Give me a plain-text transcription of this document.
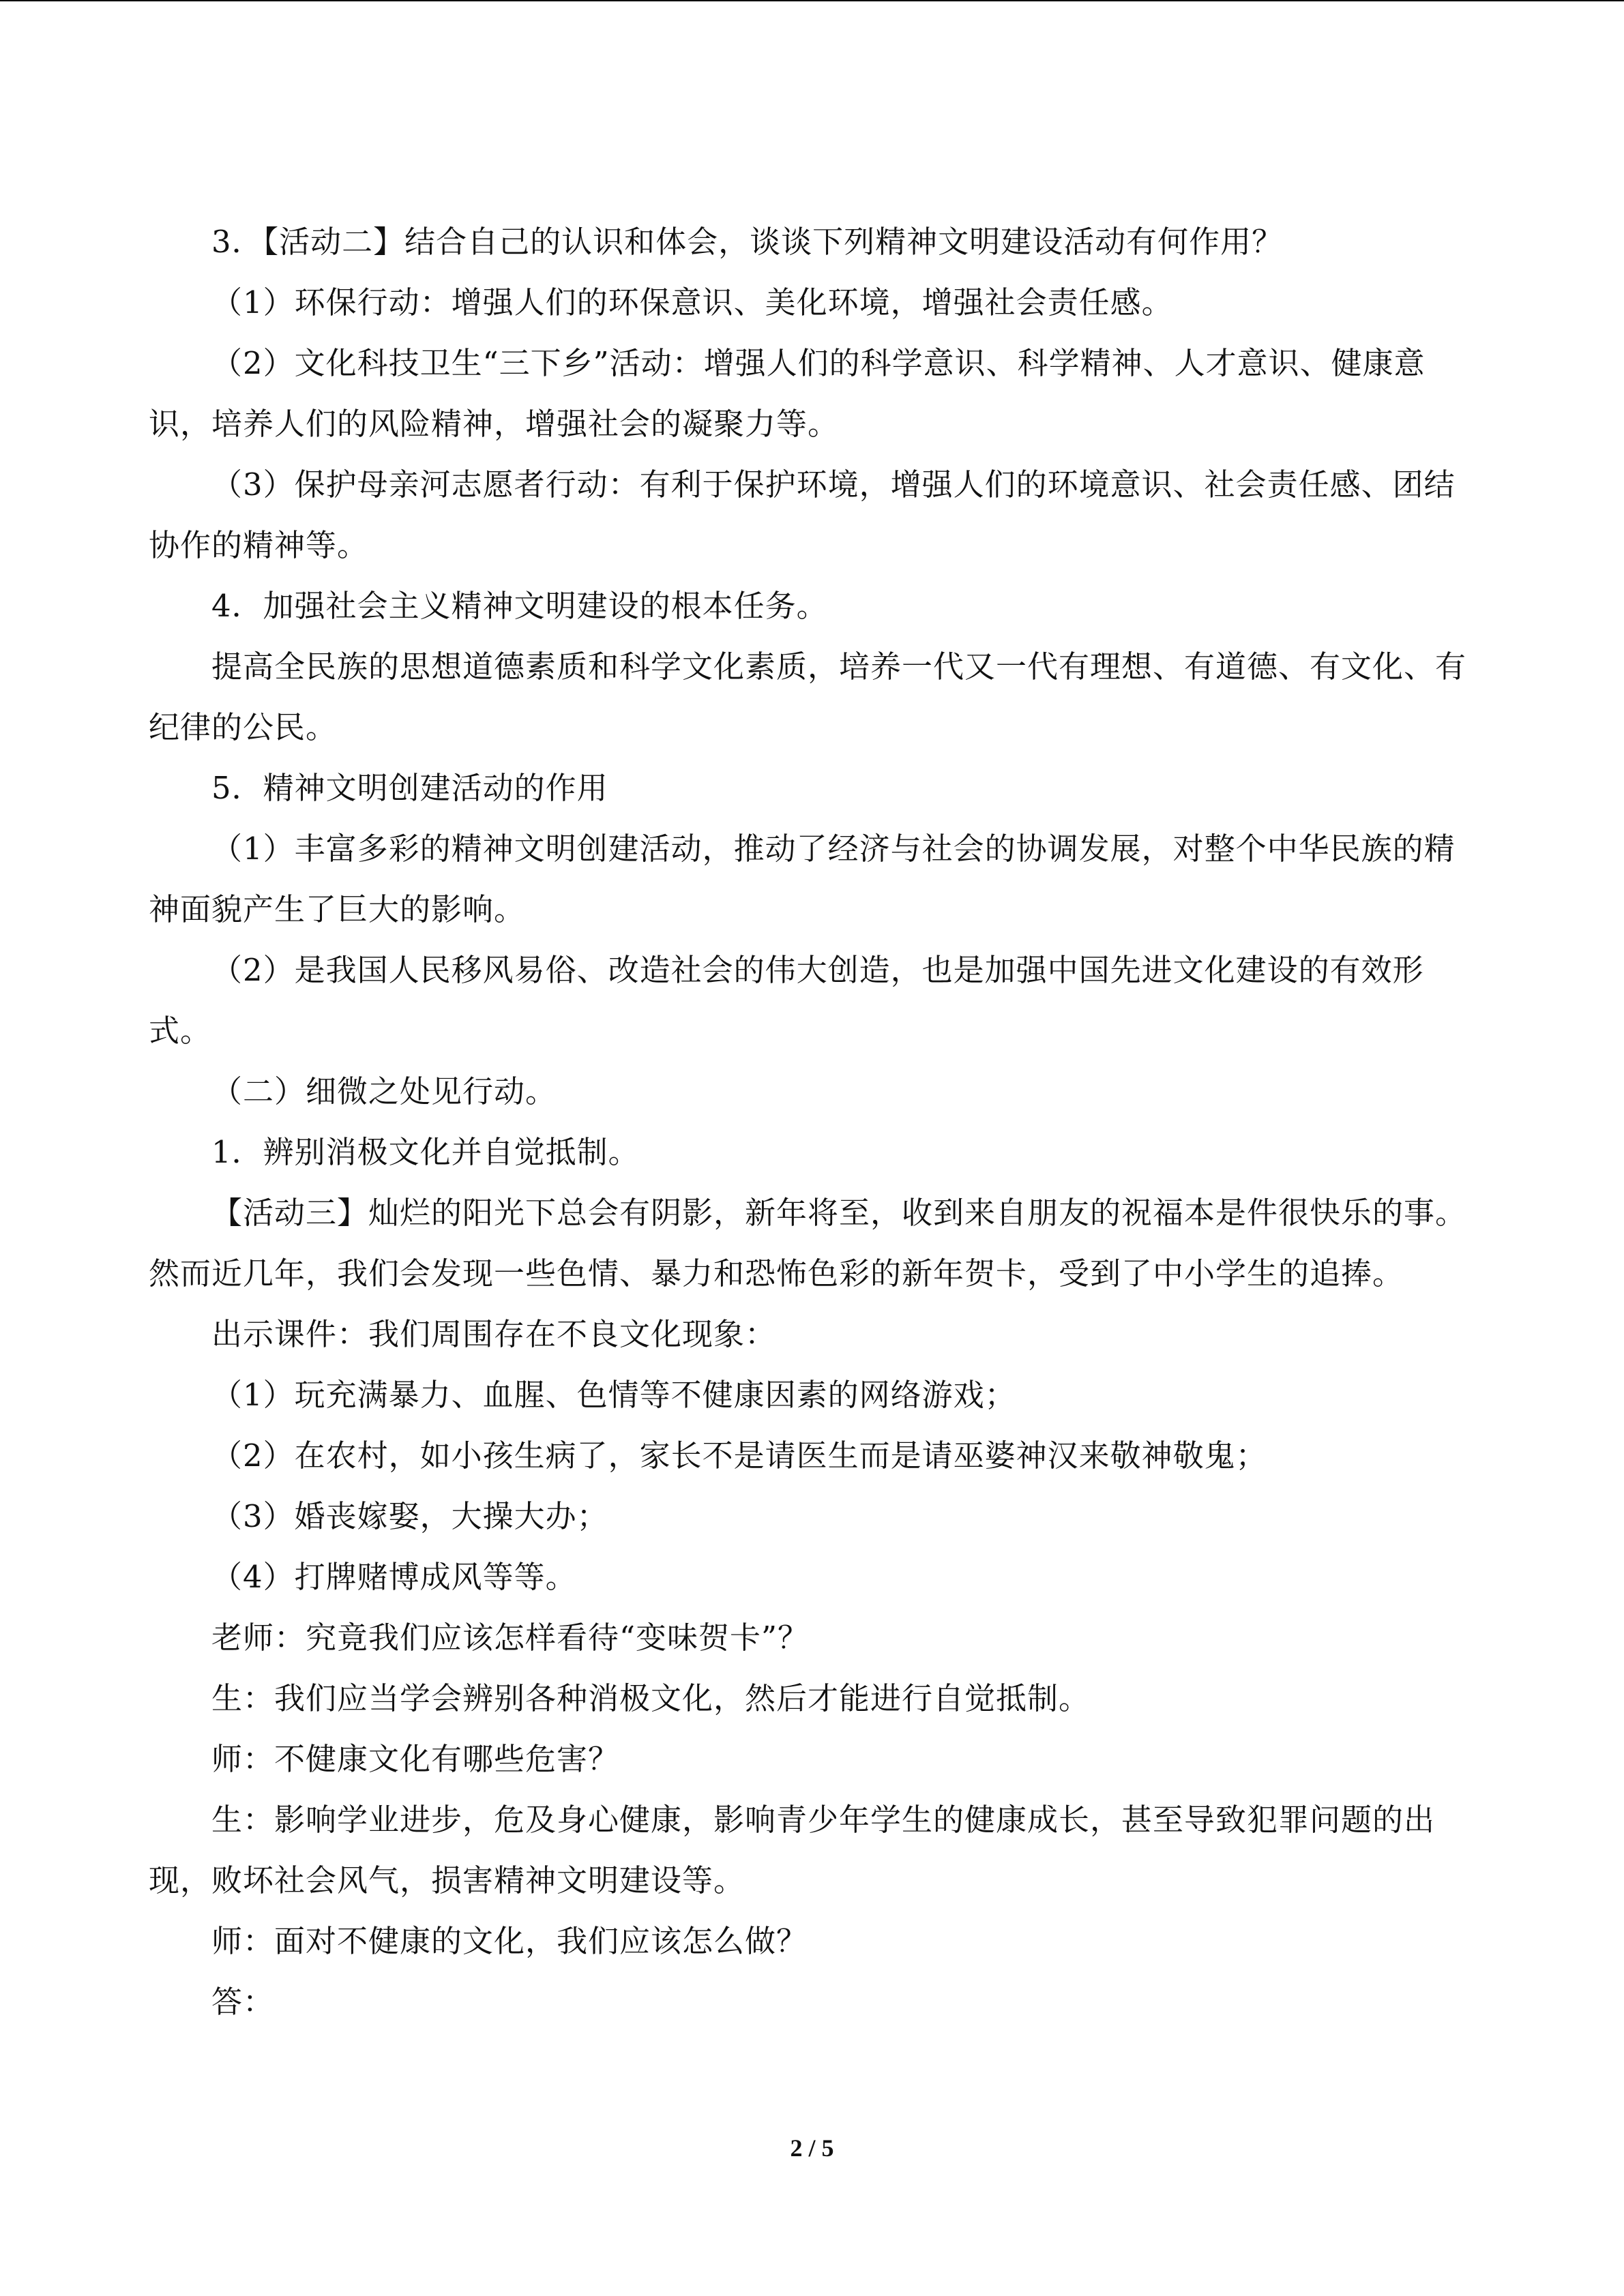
3．【活动二】结合自己的认识和体会，谈谈下列精神文明建设活动有何作用？

（1）环保行动：增强人们的环保意识、美化环境，增强社会责任感。

（2）文化科技卫生“三下乡”活动：增强人们的科学意识、科学精神、人才意识、健康意识，培养人们的风险精神，增强社会的凝聚力等。

（3）保护母亲河志愿者行动：有利于保护环境，增强人们的环境意识、社会责任感、团结协作的精神等。

4．加强社会主义精神文明建设的根本任务。

提高全民族的思想道德素质和科学文化素质，培养一代又一代有理想、有道德、有文化、有纪律的公民。

5．精神文明创建活动的作用

（1）丰富多彩的精神文明创建活动，推动了经济与社会的协调发展，对整个中华民族的精神面貌产生了巨大的影响。

（2）是我国人民移风易俗、改造社会的伟大创造，也是加强中国先进文化建设的有效形式。

（二）细微之处见行动。

1．辨别消极文化并自觉抵制。

【活动三】灿烂的阳光下总会有阴影，新年将至，收到来自朋友的祝福本是件很快乐的事。然而近几年，我们会发现一些色情、暴力和恐怖色彩的新年贺卡，受到了中小学生的追捧。

出示课件：我们周围存在不良文化现象：

（1）玩充满暴力、血腥、色情等不健康因素的网络游戏；

（2）在农村，如小孩生病了，家长不是请医生而是请巫婆神汉来敬神敬鬼；

（3）婚丧嫁娶，大操大办；

（4）打牌赌博成风等等。

老师：究竟我们应该怎样看待“变味贺卡”？

生：我们应当学会辨别各种消极文化，然后才能进行自觉抵制。

师：不健康文化有哪些危害？

生：影响学业进步，危及身心健康，影响青少年学生的健康成长，甚至导致犯罪问题的出现，败坏社会风气，损害精神文明建设等。

师：面对不健康的文化，我们应该怎么做？

答：

2 / 5
